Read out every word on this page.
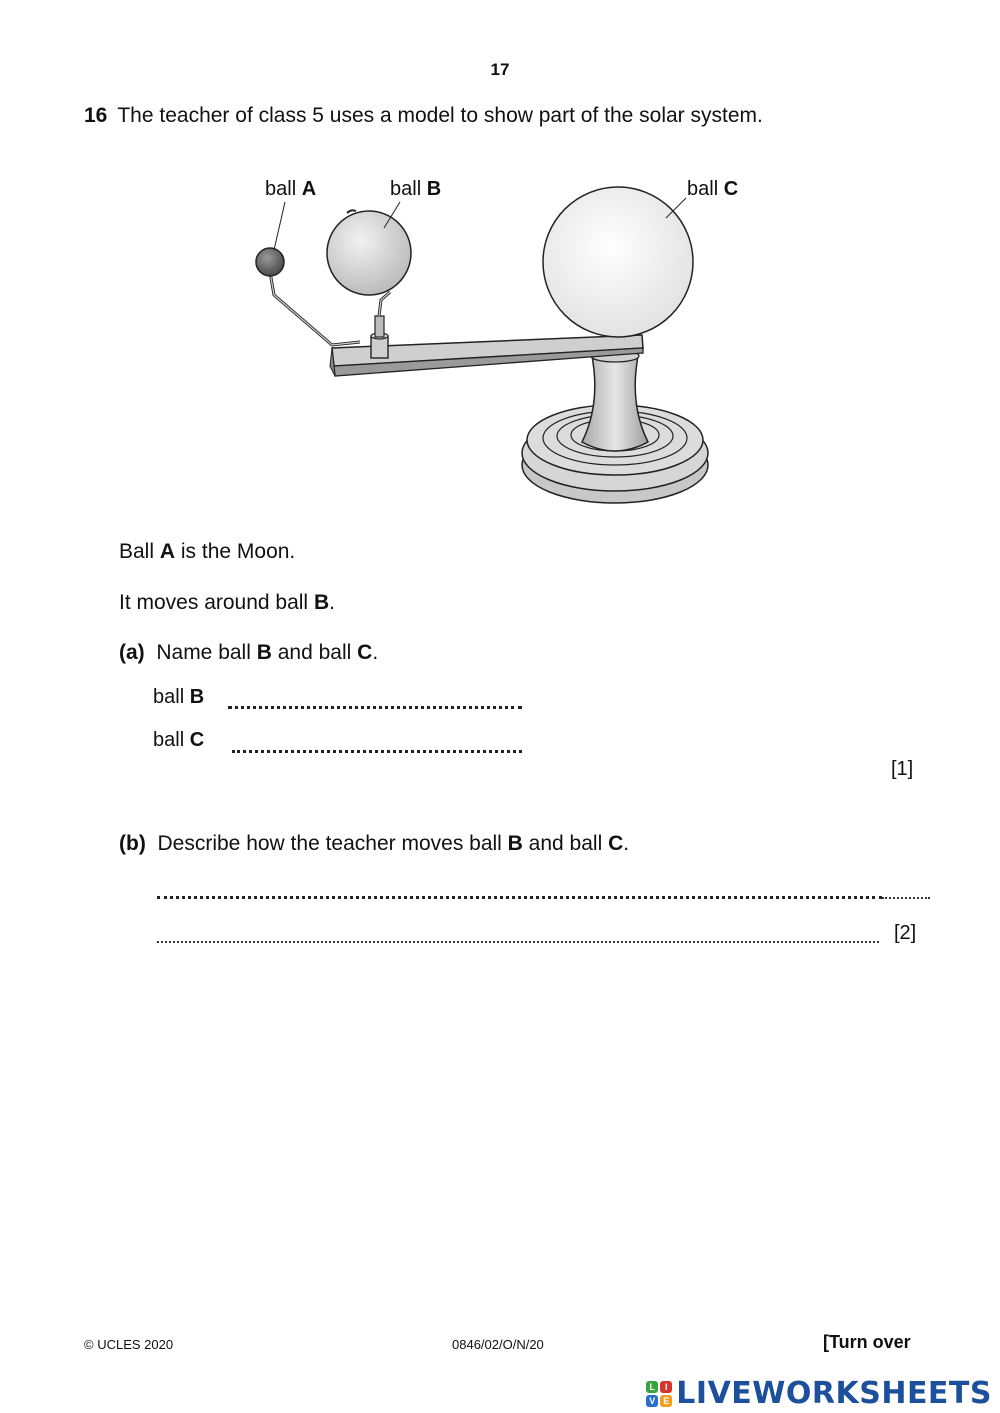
17
16 The teacher of class 5 uses a model to show part of the solar system.
ball A	ball B	ball C
Ball A is the Moon.
It moves around ball B.
(a) Name ball B and ball C.
ball B
ball C
[1]
(b) Describe how the teacher moves ball B and ball C.
[2]
© UCLES 2020	0846/02/O/N/20	[Turn over
L	I
V E LIVEWORKSHEETS
